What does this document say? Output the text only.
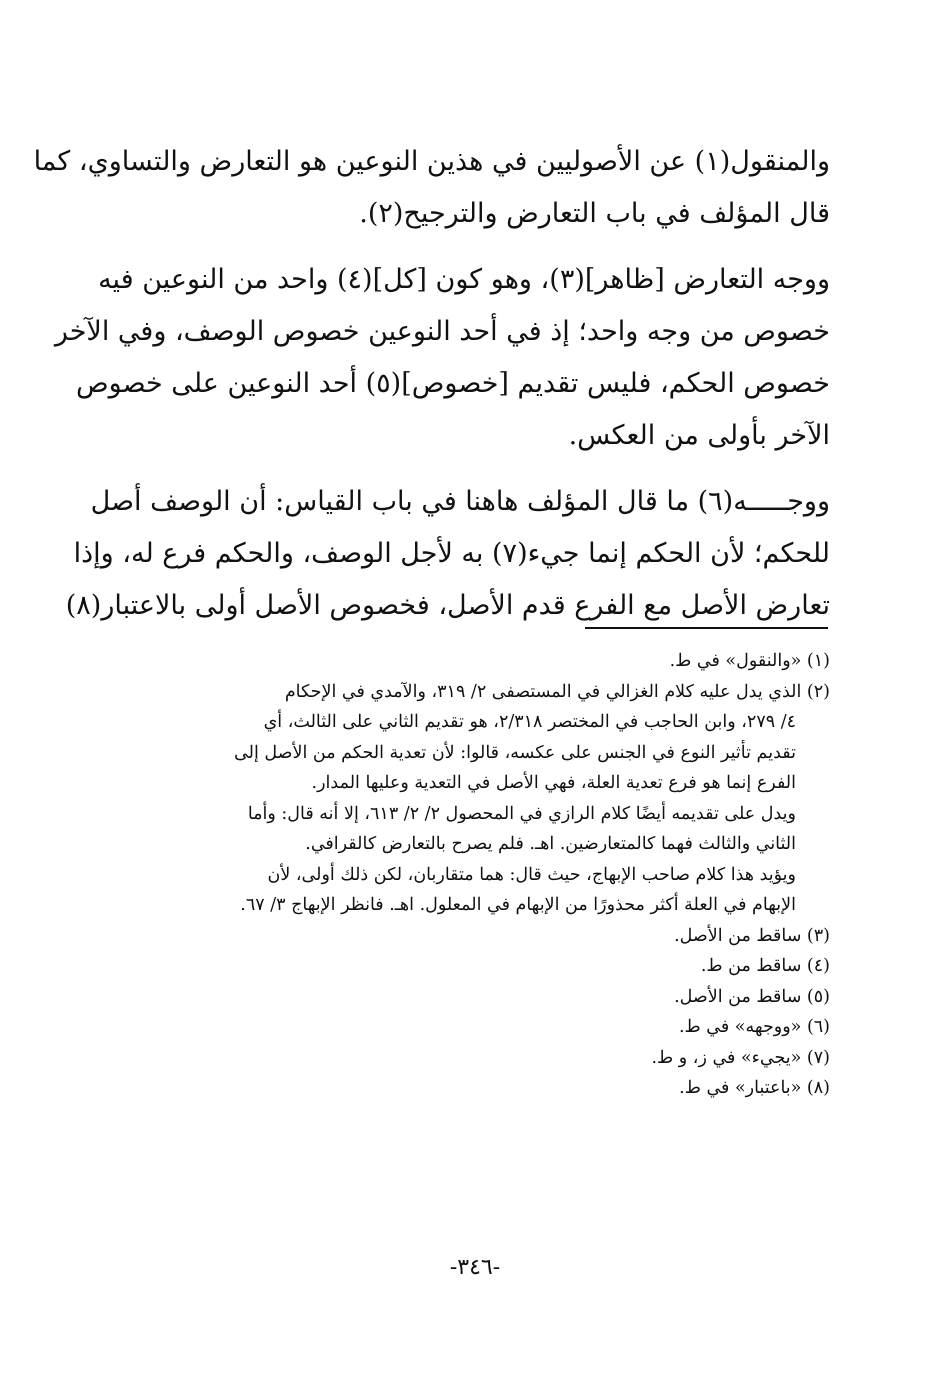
والمنقول(١) عن الأصوليين في هذين النوعين هو التعارض والتساوي، كما
قال المؤلف في باب التعارض والترجيح(٢).

ووجه التعارض [ظاهر](٣)، وهو كون [كل](٤) واحد من النوعين فيه
خصوص من وجه واحد؛ إذ في أحد النوعين خصوص الوصف، وفي الآخر
خصوص الحكم، فليس تقديم [خصوص](٥) أحد النوعين على خصوص
الآخر بأولى من العكس.

ووجـــــه(٦) ما قال المؤلف هاهنا في باب القياس: أن الوصف أصل
للحكم؛ لأن الحكم إنما جيء(٧) به لأجل الوصف، والحكم فرع له، وإذا
تعارض الأصل مع الفرع قدم الأصل، فخصوص الأصل أولى بالاعتبار(٨)

(١) «والنقول» في ط.
(٢) الذي يدل عليه كلام الغزالي في المستصفى ٢/ ٣١٩، والآمدي في الإحكام
٤/ ٢٧٩، وابن الحاجب في المختصر ٢/٣١٨، هو تقديم الثاني على الثالث، أي
تقديم تأثير النوع في الجنس على عكسه، قالوا: لأن تعدية الحكم من الأصل إلى
الفرع إنما هو فرع تعدية العلة، فهي الأصل في التعدية وعليها المدار.
ويدل على تقديمه أيضًا كلام الرازي في المحصول ٢/ ٢/ ٦١٣، إلا أنه قال: وأما
الثاني والثالث فهما كالمتعارضين. اهـ. فلم يصرح بالتعارض كالقرافي.
ويؤيد هذا كلام صاحب الإبهاج، حيث قال: هما متقاربان، لكن ذلك أولى، لأن
الإبهام في العلة أكثر محذورًا من الإبهام في المعلول. اهـ. فانظر الإبهاج ٣/ ٦٧.
(٣) ساقط من الأصل.
(٤) ساقط من ط.
(٥) ساقط من الأصل.
(٦) «ووجهه» في ط.
(٧) «يجيء» في ز، و ط.
(٨) «باعتبار» في ط.
-٣٤٦-
